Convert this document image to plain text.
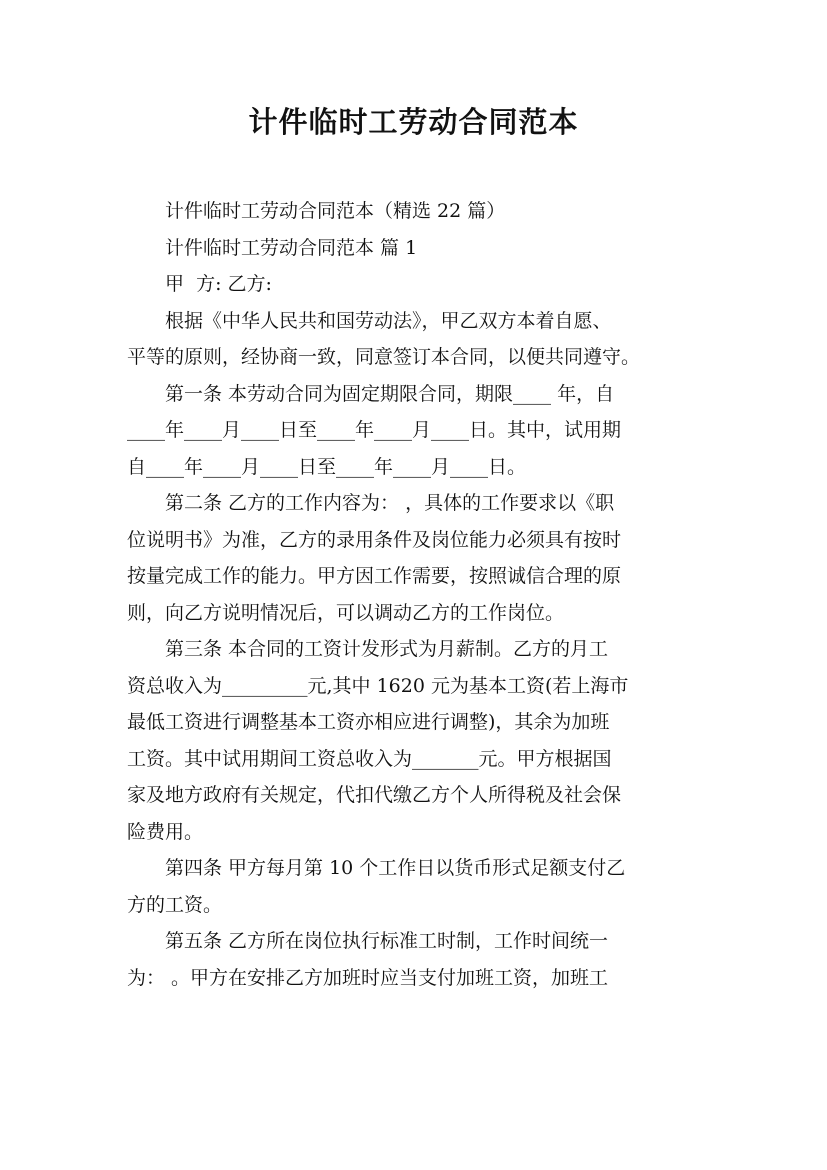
计件临时工劳动合同范本

计件临时工劳动合同范本（精选 22 篇）

计件临时工劳动合同范本 篇 1

甲  方: 乙方:

根据《中华人民共和国劳动法》，甲乙双方本着自愿、
平等的原则，经协商一致，同意签订本合同，以便共同遵守。

第一条 本劳动合同为固定期限合同，期限____ 年，自
____年____月____日至____年____月____日。其中，试用期
自____年____月____日至____年____月____日。

第二条 乙方的工作内容为： ，具体的工作要求以《职
位说明书》为准，乙方的录用条件及岗位能力必须具有按时
按量完成工作的能力。甲方因工作需要，按照诚信合理的原
则，向乙方说明情况后，可以调动乙方的工作岗位。

第三条 本合同的工资计发形式为月薪制。乙方的月工
资总收入为_________元,其中 1620 元为基本工资(若上海市
最低工资进行调整基本工资亦相应进行调整)，其余为加班
工资。其中试用期间工资总收入为_______元。甲方根据国
家及地方政府有关规定，代扣代缴乙方个人所得税及社会保
险费用。

第四条 甲方每月第 10 个工作日以货币形式足额支付乙
方的工资。

第五条 乙方所在岗位执行标准工时制，工作时间统一
为： 。甲方在安排乙方加班时应当支付加班工资，加班工
